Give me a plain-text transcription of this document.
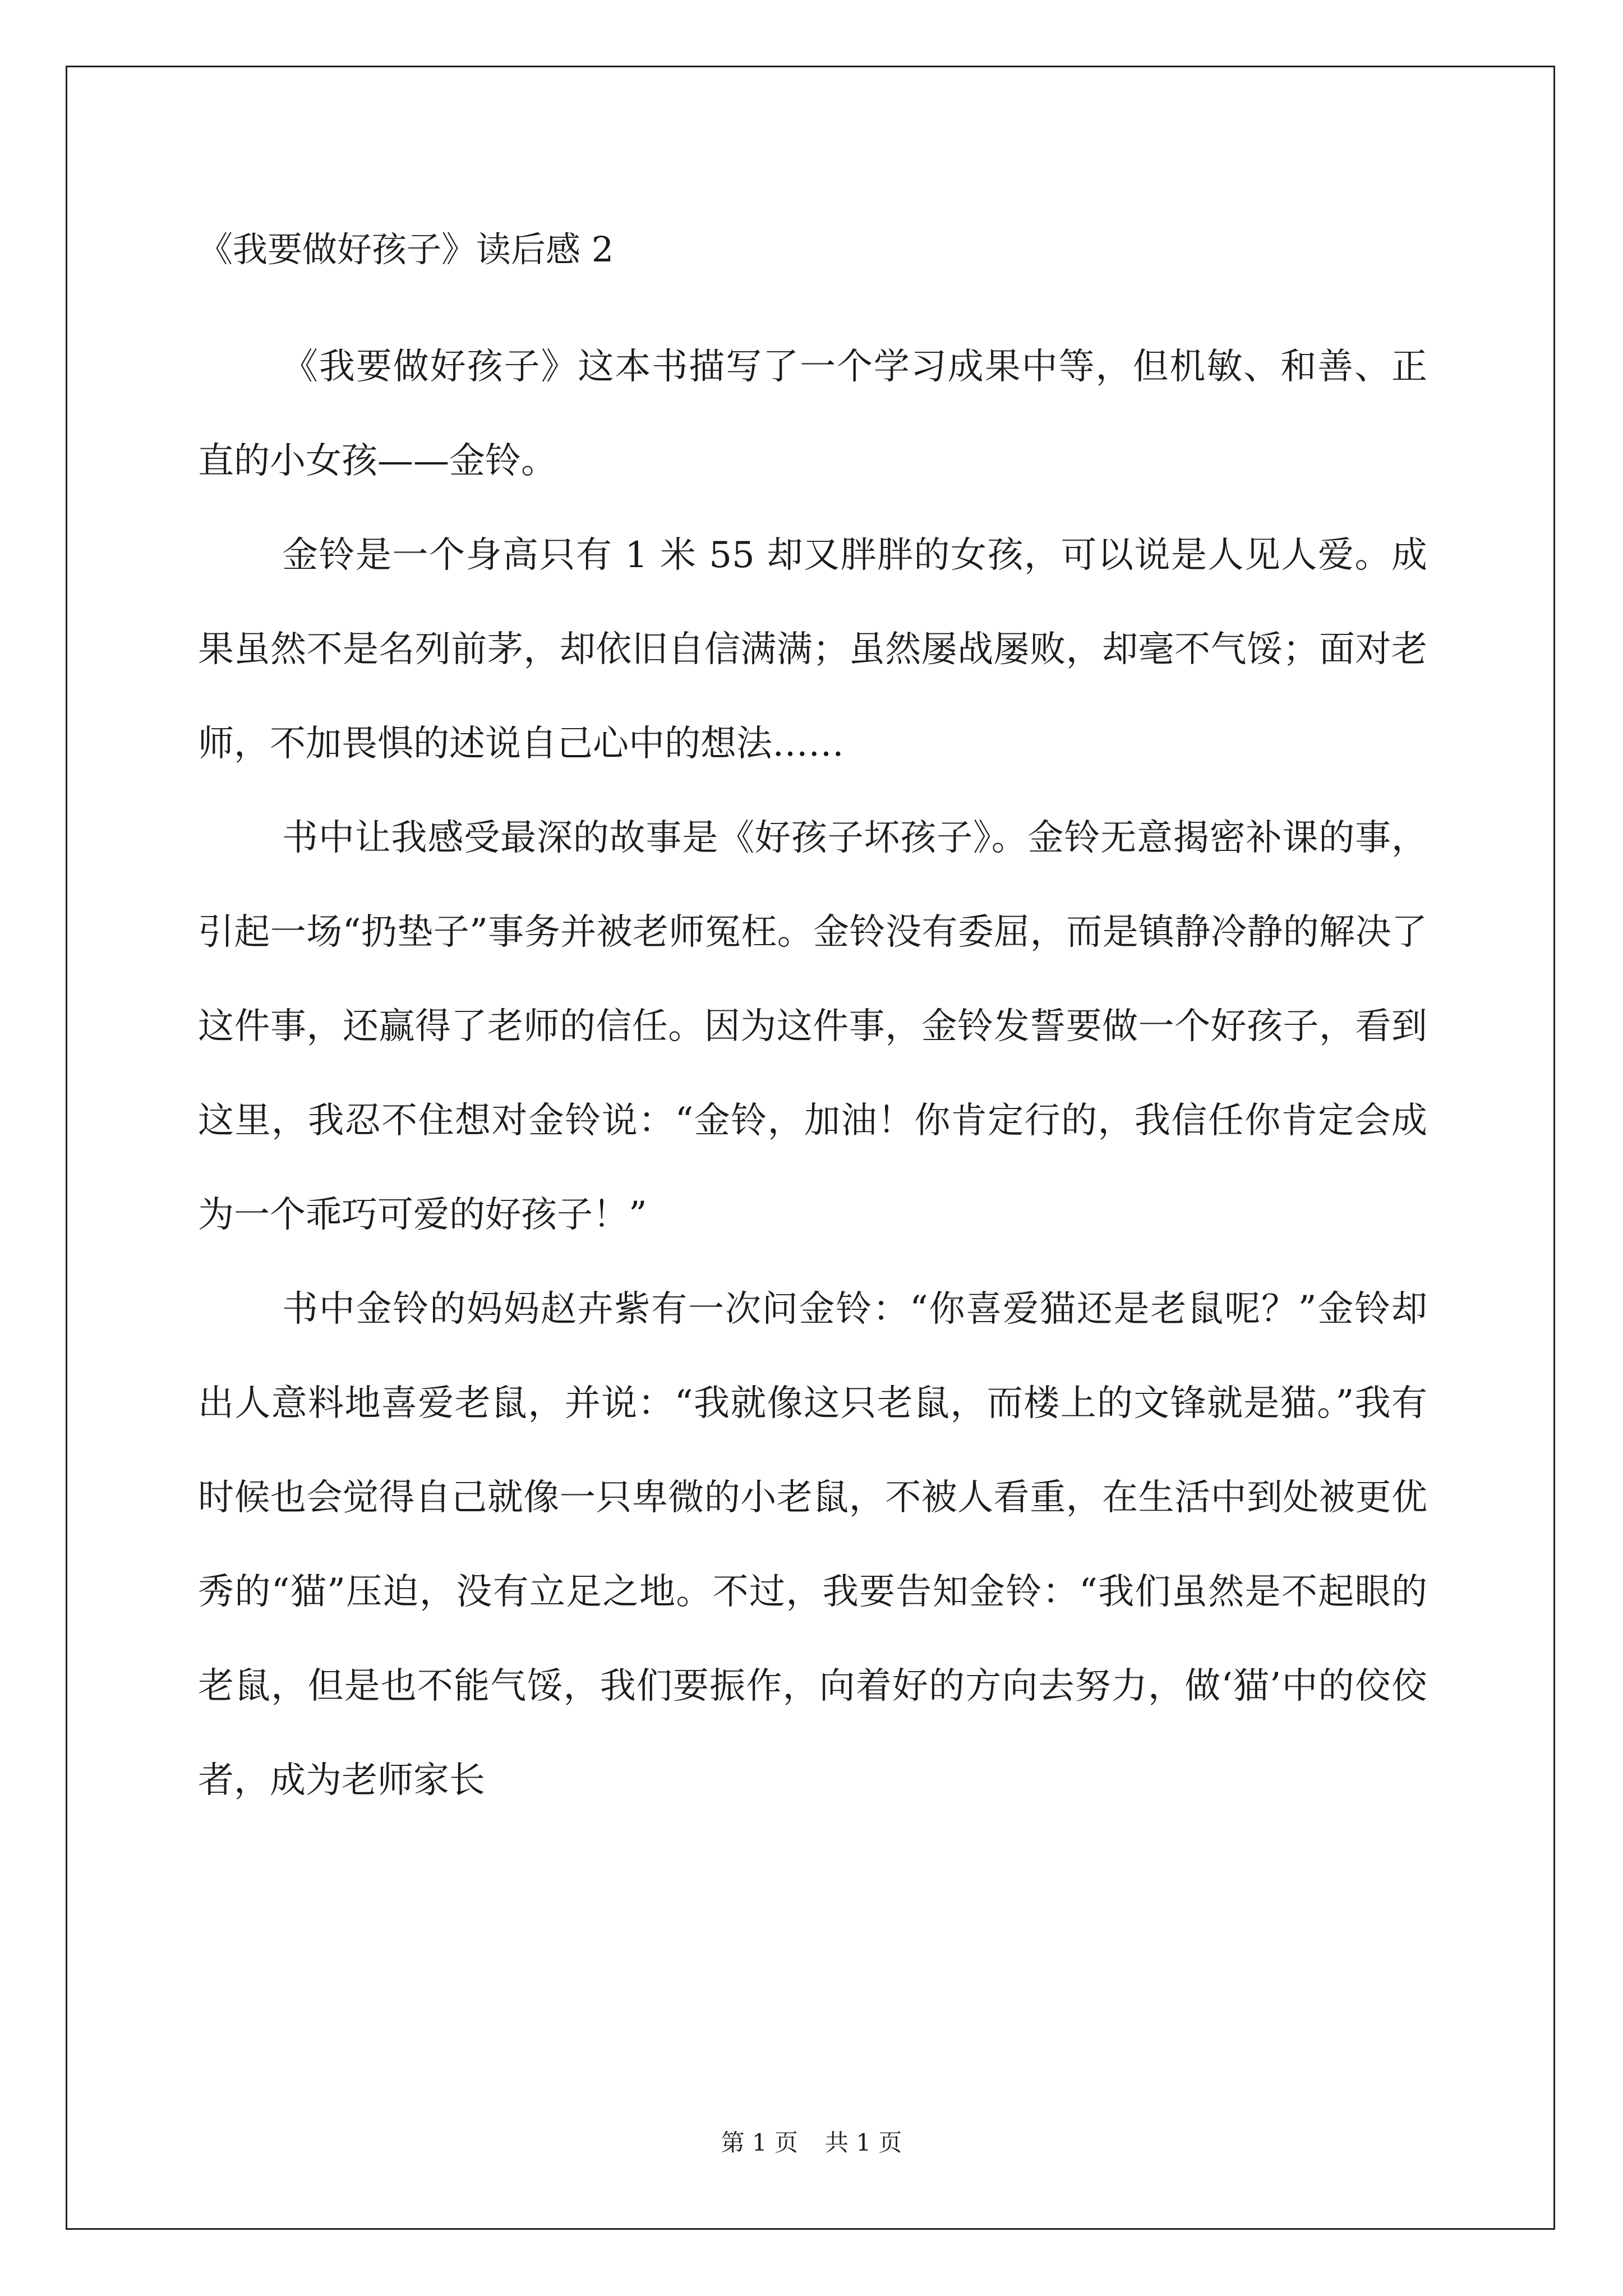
《我要做好孩子》读后感 2

《我要做好孩子》这本书描写了一个学习成果中等，但机敏、和善、正直的小女孩——金铃。

金铃是一个身高只有 1 米 55 却又胖胖的女孩，可以说是人见人爱。成果虽然不是名列前茅，却依旧自信满满；虽然屡战屡败，却毫不气馁；面对老师，不加畏惧的述说自己心中的想法……

书中让我感受最深的故事是《好孩子坏孩子》。金铃无意揭密补课的事，引起一场“扔垫子”事务并被老师冤枉。金铃没有委屈，而是镇静冷静的解决了这件事，还赢得了老师的信任。因为这件事，金铃发誓要做一个好孩子，看到这里，我忍不住想对金铃说：“金铃，加油！你肯定行的，我信任你肯定会成为一个乖巧可爱的好孩子！”

书中金铃的妈妈赵卉紫有一次问金铃：“你喜爱猫还是老鼠呢？”金铃却出人意料地喜爱老鼠，并说：“我就像这只老鼠，而楼上的文锋就是猫。”我有时候也会觉得自己就像一只卑微的小老鼠，不被人看重，在生活中到处被更优秀的“猫”压迫，没有立足之地。不过，我要告知金铃：“我们虽然是不起眼的老鼠，但是也不能气馁，我们要振作，向着好的方向去努力，做‘猫’中的佼佼者，成为老师家长

第 1 页 共 1 页
